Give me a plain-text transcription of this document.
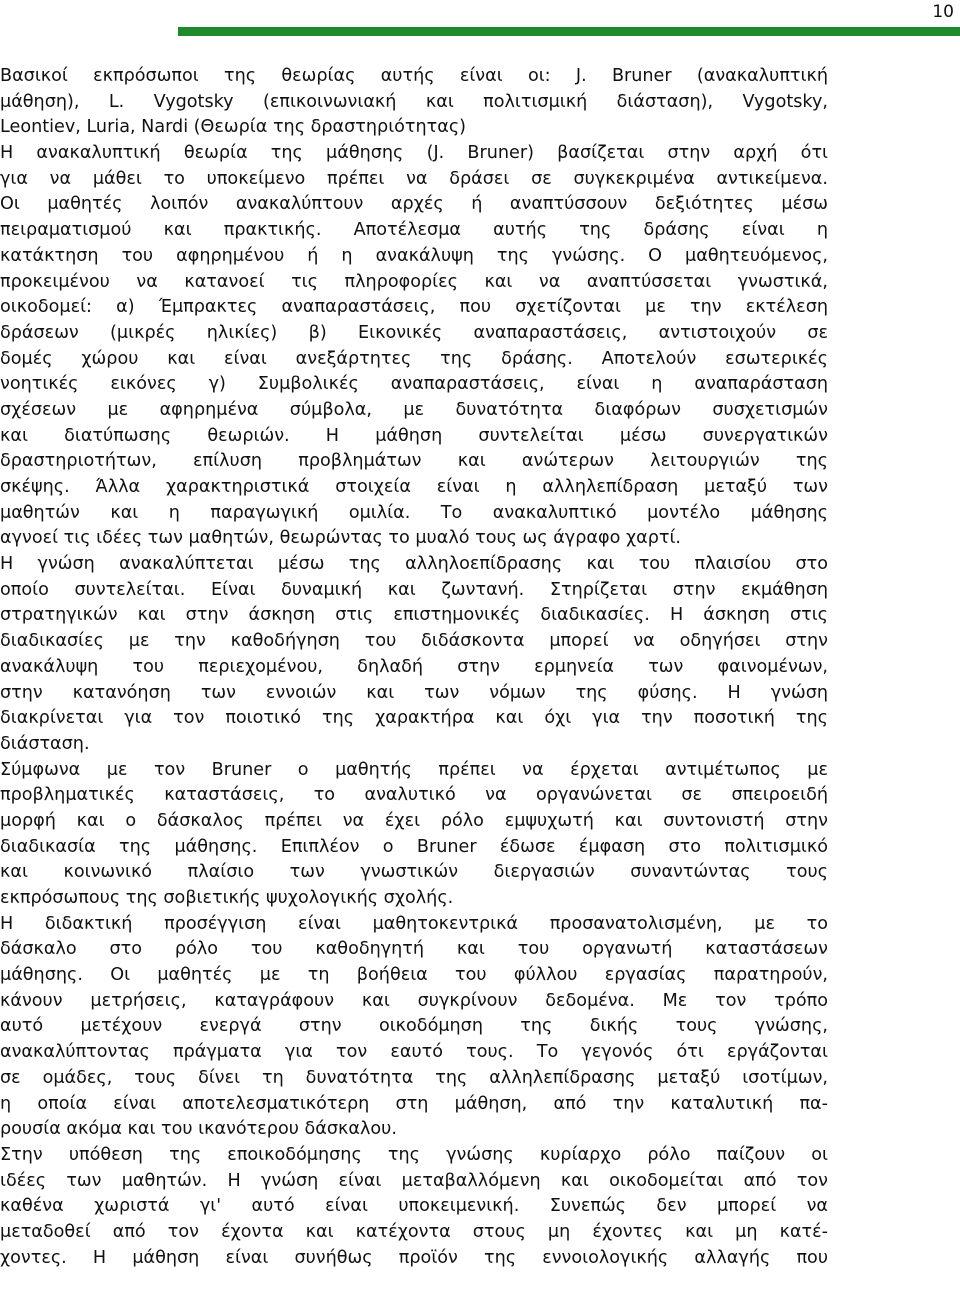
10
Βασικοί εκπρόσωποι της θεωρίας αυτής είναι οι: J. Bruner (ανακαλυπτική
μάθηση), L. Vygotsky (επικοινωνιακή και πολιτισμική διάσταση), Vygotsky,
Leontiev, Luria, Nardi (Θεωρία της δραστηριότητας)
Η ανακαλυπτική θεωρία της μάθησης (J. Bruner) βασίζεται στην αρχή ότι
για να μάθει το υποκείμενο πρέπει να δράσει σε συγκεκριμένα αντικείμενα.
Οι μαθητές λοιπόν ανακαλύπτουν αρχές ή αναπτύσσουν δεξιότητες μέσω
πειραματισμού και πρακτικής. Αποτέλεσμα αυτής της δράσης είναι η
κατάκτηση του αφηρημένου ή η ανακάλυψη της γνώσης. Ο μαθητευόμενος,
προκειμένου να κατανοεί τις πληροφορίες και να αναπτύσσεται γνωστικά,
οικοδομεί: α) Έμπρακτες αναπαραστάσεις, που σχετίζονται με την εκτέλεση
δράσεων (μικρές ηλικίες) β) Εικονικές αναπαραστάσεις, αντιστοιχούν σε
δομές χώρου και είναι ανεξάρτητες της δράσης. Αποτελούν εσωτερικές
νοητικές εικόνες γ) Συμβολικές αναπαραστάσεις, είναι η αναπαράσταση
σχέσεων με αφηρημένα σύμβολα, με δυνατότητα διαφόρων συσχετισμών
και διατύπωσης θεωριών. Η μάθηση συντελείται μέσω συνεργατικών
δραστηριοτήτων, επίλυση προβλημάτων και ανώτερων λειτουργιών της
σκέψης. Άλλα χαρακτηριστικά στοιχεία είναι η αλληλεπίδραση μεταξύ των
μαθητών και η παραγωγική ομιλία. Το ανακαλυπτικό μοντέλο μάθησης
αγνοεί τις ιδέες των μαθητών, θεωρώντας το μυαλό τους ως άγραφο χαρτί.
Η γνώση ανακαλύπτεται μέσω της αλληλοεπίδρασης και του πλαισίου στο
οποίο συντελείται. Είναι δυναμική και ζωντανή. Στηρίζεται στην εκμάθηση
στρατηγικών και στην άσκηση στις επιστημονικές διαδικασίες. Η άσκηση στις
διαδικασίες με την καθοδήγηση του διδάσκοντα μπορεί να οδηγήσει στην
ανακάλυψη του περιεχομένου, δηλαδή στην ερμηνεία των φαινομένων,
στην κατανόηση των εννοιών και των νόμων της φύσης. Η γνώση
διακρίνεται για τον ποιοτικό της χαρακτήρα και όχι για την ποσοτική της
διάσταση.
Σύμφωνα με τον Bruner ο μαθητής πρέπει να έρχεται αντιμέτωπος με
προβληματικές καταστάσεις, το αναλυτικό να οργανώνεται σε σπειροειδή
μορφή και ο δάσκαλος πρέπει να έχει ρόλο εμψυχωτή και συντονιστή στην
διαδικασία της μάθησης. Επιπλέον ο Bruner έδωσε έμφαση στο πολιτισμικό
και κοινωνικό πλαίσιο των γνωστικών διεργασιών συναντώντας τους
εκπρόσωπους της σοβιετικής ψυχολογικής σχολής.
Η διδακτική προσέγγιση είναι μαθητοκεντρικά προσανατολισμένη, με το
δάσκαλο στο ρόλο του καθοδηγητή και του οργανωτή καταστάσεων
μάθησης. Οι μαθητές με τη βοήθεια του φύλλου εργασίας παρατηρούν,
κάνουν μετρήσεις, καταγράφουν και συγκρίνουν δεδομένα. Με τον τρόπο
αυτό μετέχουν ενεργά στην οικοδόμηση της δικής τους γνώσης,
ανακαλύπτοντας πράγματα για τον εαυτό τους. Το γεγονός ότι εργάζονται
σε ομάδες, τους δίνει τη δυνατότητα της αλληλεπίδρασης μεταξύ ισοτίμων,
η οποία είναι αποτελεσματικότερη στη μάθηση, από την καταλυτική πα-
ρουσία ακόμα και του ικανότερου δάσκαλου.
Στην υπόθεση της εποικοδόμησης της γνώσης κυρίαρχο ρόλο παίζουν οι
ιδέες των μαθητών. Η γνώση είναι μεταβαλλόμενη και οικοδομείται από τον
καθένα χωριστά γι' αυτό είναι υποκειμενική. Συνεπώς δεν μπορεί να
μεταδοθεί από τον έχοντα και κατέχοντα στους μη έχοντες και μη κατέ-
χοντες. Η μάθηση είναι συνήθως προϊόν της εννοιολογικής αλλαγής που
